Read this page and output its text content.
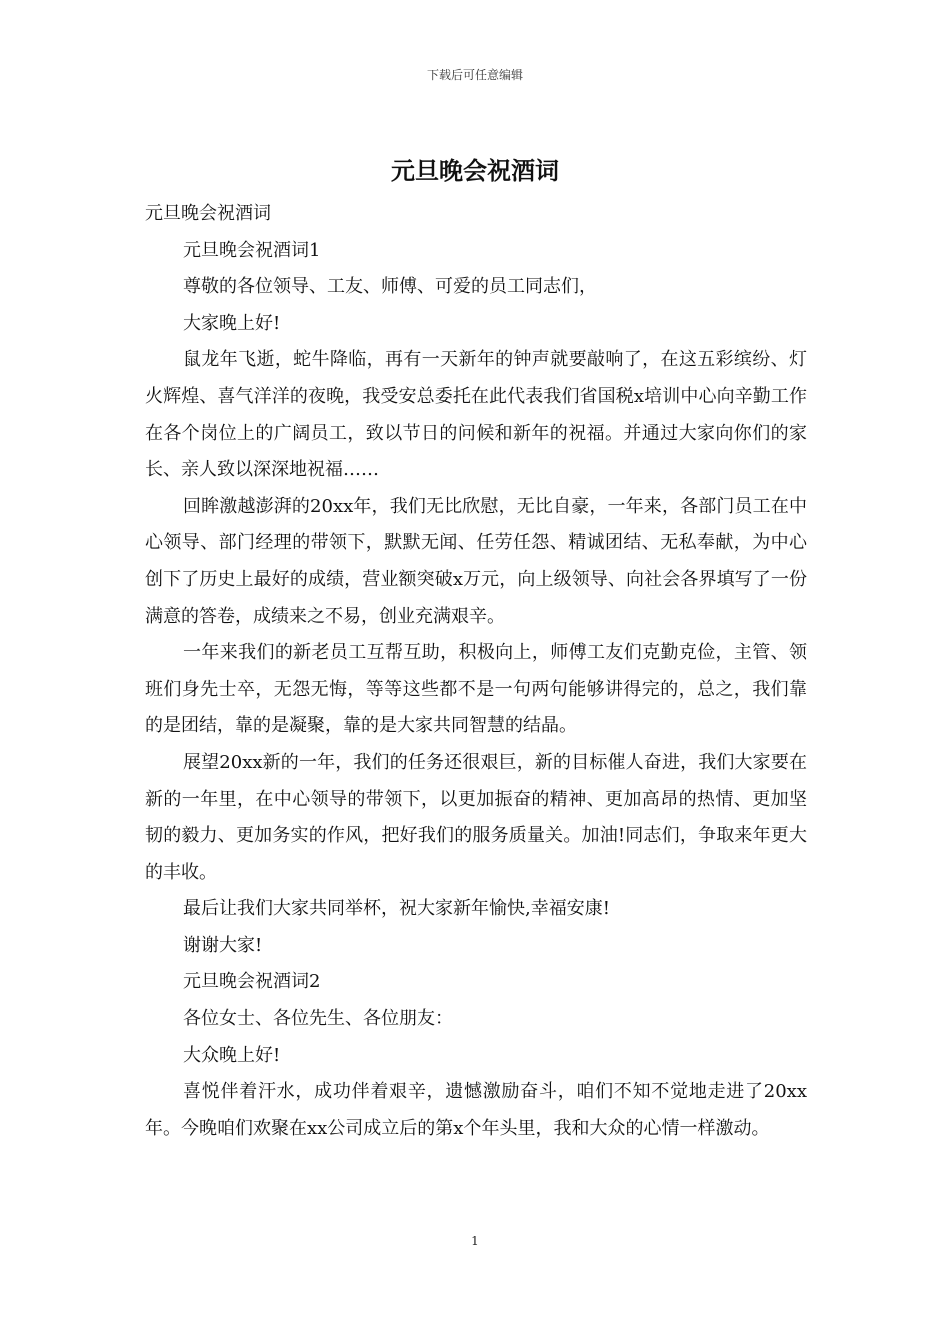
下载后可任意编辑
元旦晚会祝酒词

元旦晚会祝酒词

元旦晚会祝酒词1

尊敬的各位领导、工友、师傅、可爱的员工同志们，

大家晚上好!

鼠龙年飞逝，蛇牛降临，再有一天新年的钟声就要敲响了，在这五彩缤纷、灯火辉煌、喜气洋洋的夜晚，我受安总委托在此代表我们省国税x培训中心向辛勤工作在各个岗位上的广阔员工，致以节日的问候和新年的祝福。并通过大家向你们的家长、亲人致以深深地祝福……

回眸激越澎湃的20xx年，我们无比欣慰，无比自豪，一年来，各部门员工在中心领导、部门经理的带领下，默默无闻、任劳任怨、精诚团结、无私奉献，为中心创下了历史上最好的成绩，营业额突破x万元，向上级领导、向社会各界填写了一份满意的答卷，成绩来之不易，创业充满艰辛。

一年来我们的新老员工互帮互助，积极向上，师傅工友们克勤克俭，主管、领班们身先士卒，无怨无悔，等等这些都不是一句两句能够讲得完的，总之，我们靠的是团结，靠的是凝聚，靠的是大家共同智慧的结晶。

展望20xx新的一年，我们的任务还很艰巨，新的目标催人奋进，我们大家要在新的一年里，在中心领导的带领下，以更加振奋的精神、更加高昂的热情、更加坚韧的毅力、更加务实的作风，把好我们的服务质量关。加油!同志们，争取来年更大的丰收。

最后让我们大家共同举杯，祝大家新年愉快,幸福安康!

谢谢大家!

元旦晚会祝酒词2

各位女士、各位先生、各位朋友：

大众晚上好!

喜悦伴着汗水，成功伴着艰辛，遗憾激励奋斗，咱们不知不觉地走进了20xx年。今晚咱们欢聚在xx公司成立后的第x个年头里，我和大众的心情一样激动。

1
